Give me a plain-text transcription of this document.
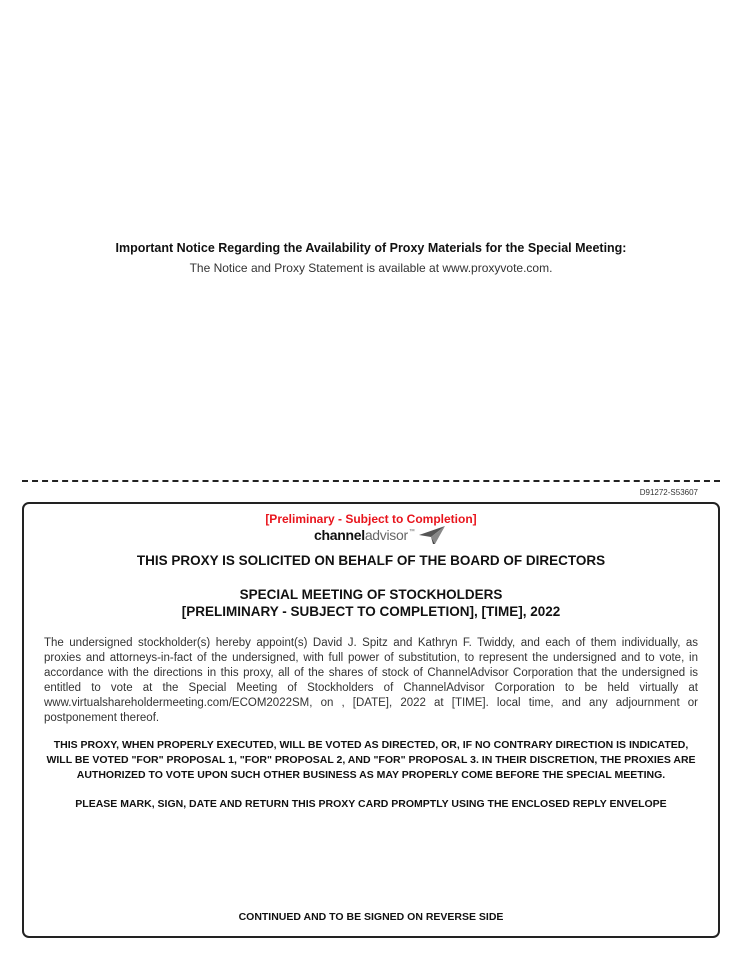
Important Notice Regarding the Availability of Proxy Materials for the Special Meeting:
The Notice and Proxy Statement is available at www.proxyvote.com.
D91272-S53607
[Preliminary - Subject to Completion]
channel advisor ™
THIS PROXY IS SOLICITED ON BEHALF OF THE BOARD OF DIRECTORS
SPECIAL MEETING OF STOCKHOLDERS
[PRELIMINARY - SUBJECT TO COMPLETION], [TIME], 2022

The undersigned stockholder(s) hereby appoint(s) David J. Spitz and Kathryn F. Twiddy, and each of them individually, as proxies and attorneys-in-fact of the undersigned, with full power of substitution, to represent the undersigned and to vote, in accordance with the directions in this proxy, all of the shares of stock of ChannelAdvisor Corporation that the undersigned is entitled to vote at the Special Meeting of Stockholders of ChannelAdvisor Corporation to be held virtually at www.virtualshareholdermeeting.com/ECOM2022SM, on , [DATE], 2022 at [TIME]. local time, and any adjournment or postponement thereof.

THIS PROXY, WHEN PROPERLY EXECUTED, WILL BE VOTED AS DIRECTED, OR, IF NO CONTRARY DIRECTION IS INDICATED, WILL BE VOTED "FOR" PROPOSAL 1, "FOR" PROPOSAL 2, AND "FOR" PROPOSAL 3. IN THEIR DISCRETION, THE PROXIES ARE AUTHORIZED TO VOTE UPON SUCH OTHER BUSINESS AS MAY PROPERLY COME BEFORE THE SPECIAL MEETING.

PLEASE MARK, SIGN, DATE AND RETURN THIS PROXY CARD PROMPTLY USING THE ENCLOSED REPLY ENVELOPE
CONTINUED AND TO BE SIGNED ON REVERSE SIDE
